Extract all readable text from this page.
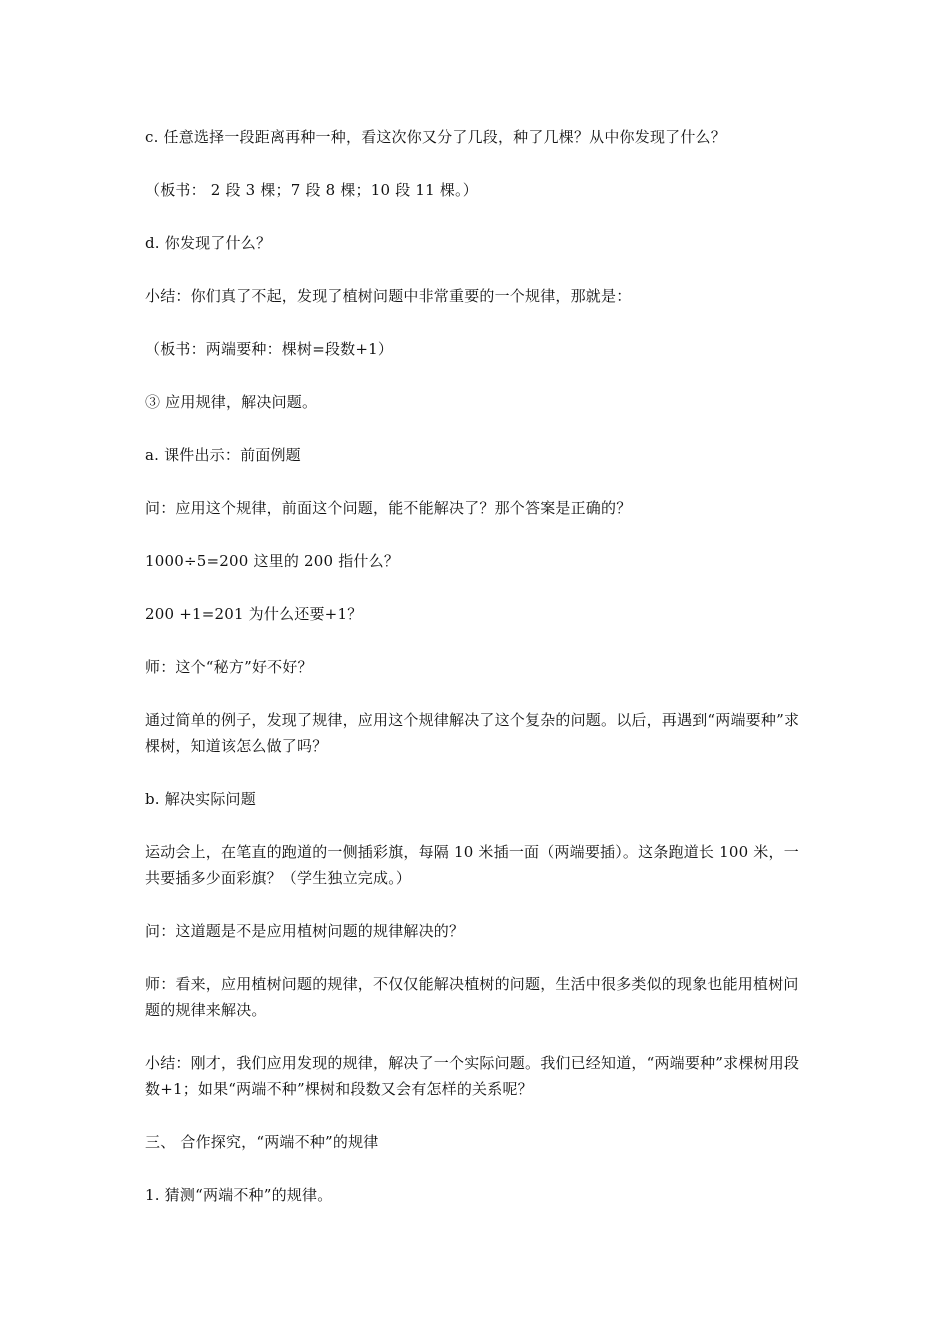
c. 任意选择一段距离再种一种，看这次你又分了几段，种了几棵？从中你发现了什么？

（板书： 2 段 3 棵；7 段 8 棵；10 段 11 棵。）

d. 你发现了什么？

小结：你们真了不起，发现了植树问题中非常重要的一个规律，那就是：

（板书：两端要种：棵树=段数+1）

③ 应用规律，解决问题。

a. 课件出示：前面例题

问：应用这个规律，前面这个问题，能不能解决了？那个答案是正确的？

1000÷5=200 这里的 200 指什么？

200 +1=201 为什么还要+1？

师：这个“秘方”好不好？

通过简单的例子，发现了规律，应用这个规律解决了这个复杂的问题。以后，再遇到“两端要种”求棵树，知道该怎么做了吗？

b. 解决实际问题

运动会上，在笔直的跑道的一侧插彩旗，每隔 10 米插一面（两端要插）。这条跑道长 100 米，一共要插多少面彩旗？（学生独立完成。）

问：这道题是不是应用植树问题的规律解决的？

师：看来，应用植树问题的规律，不仅仅能解决植树的问题，生活中很多类似的现象也能用植树问题的规律来解决。

小结：刚才，我们应用发现的规律，解决了一个实际问题。我们已经知道，“两端要种”求棵树用段数+1；如果“两端不种”棵树和段数又会有怎样的关系呢？

三、 合作探究，“两端不种”的规律

1. 猜测“两端不种”的规律。
